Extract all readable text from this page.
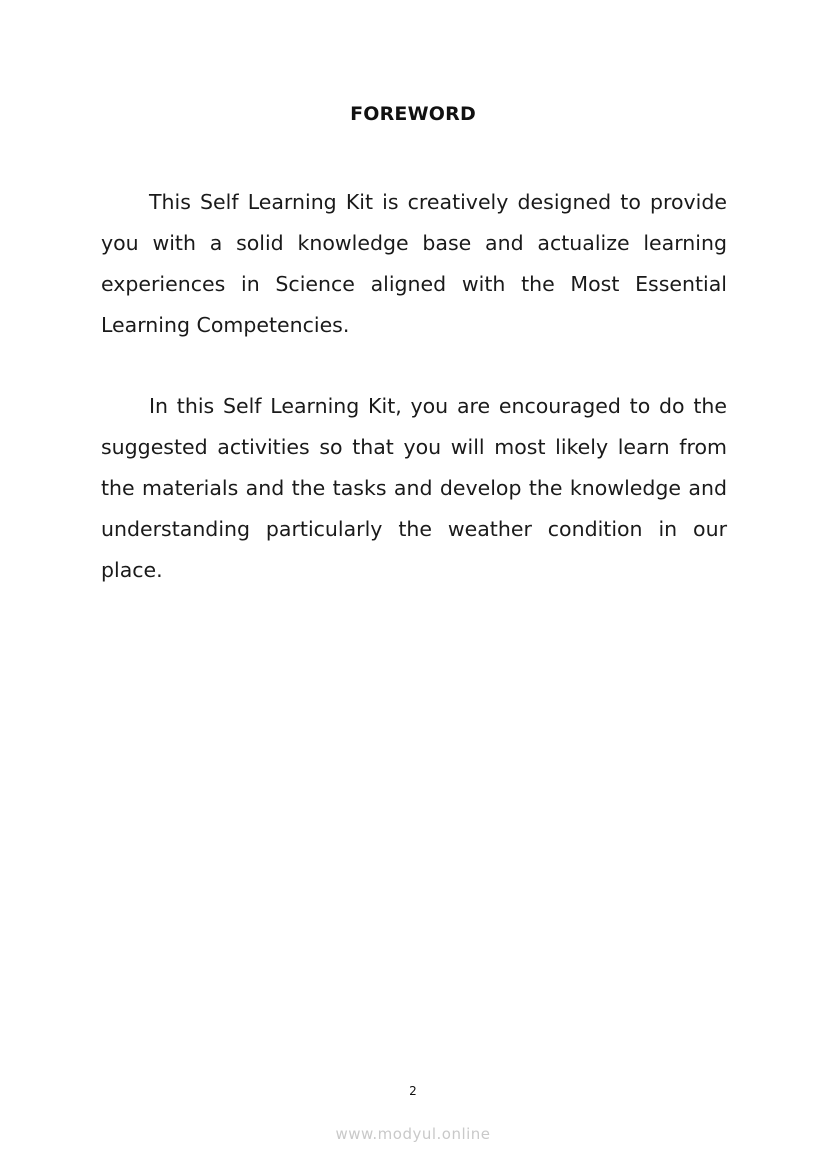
FOREWORD

This Self Learning Kit is creatively designed to provide you with a solid knowledge base and actualize learning experiences in Science aligned with the Most Essential Learning Competencies.

In this Self Learning Kit, you are encouraged to do the suggested activities so that you will most likely learn from the materials and the tasks and develop the knowledge and understanding particularly the weather condition in our place.

2
www.modyul.online
